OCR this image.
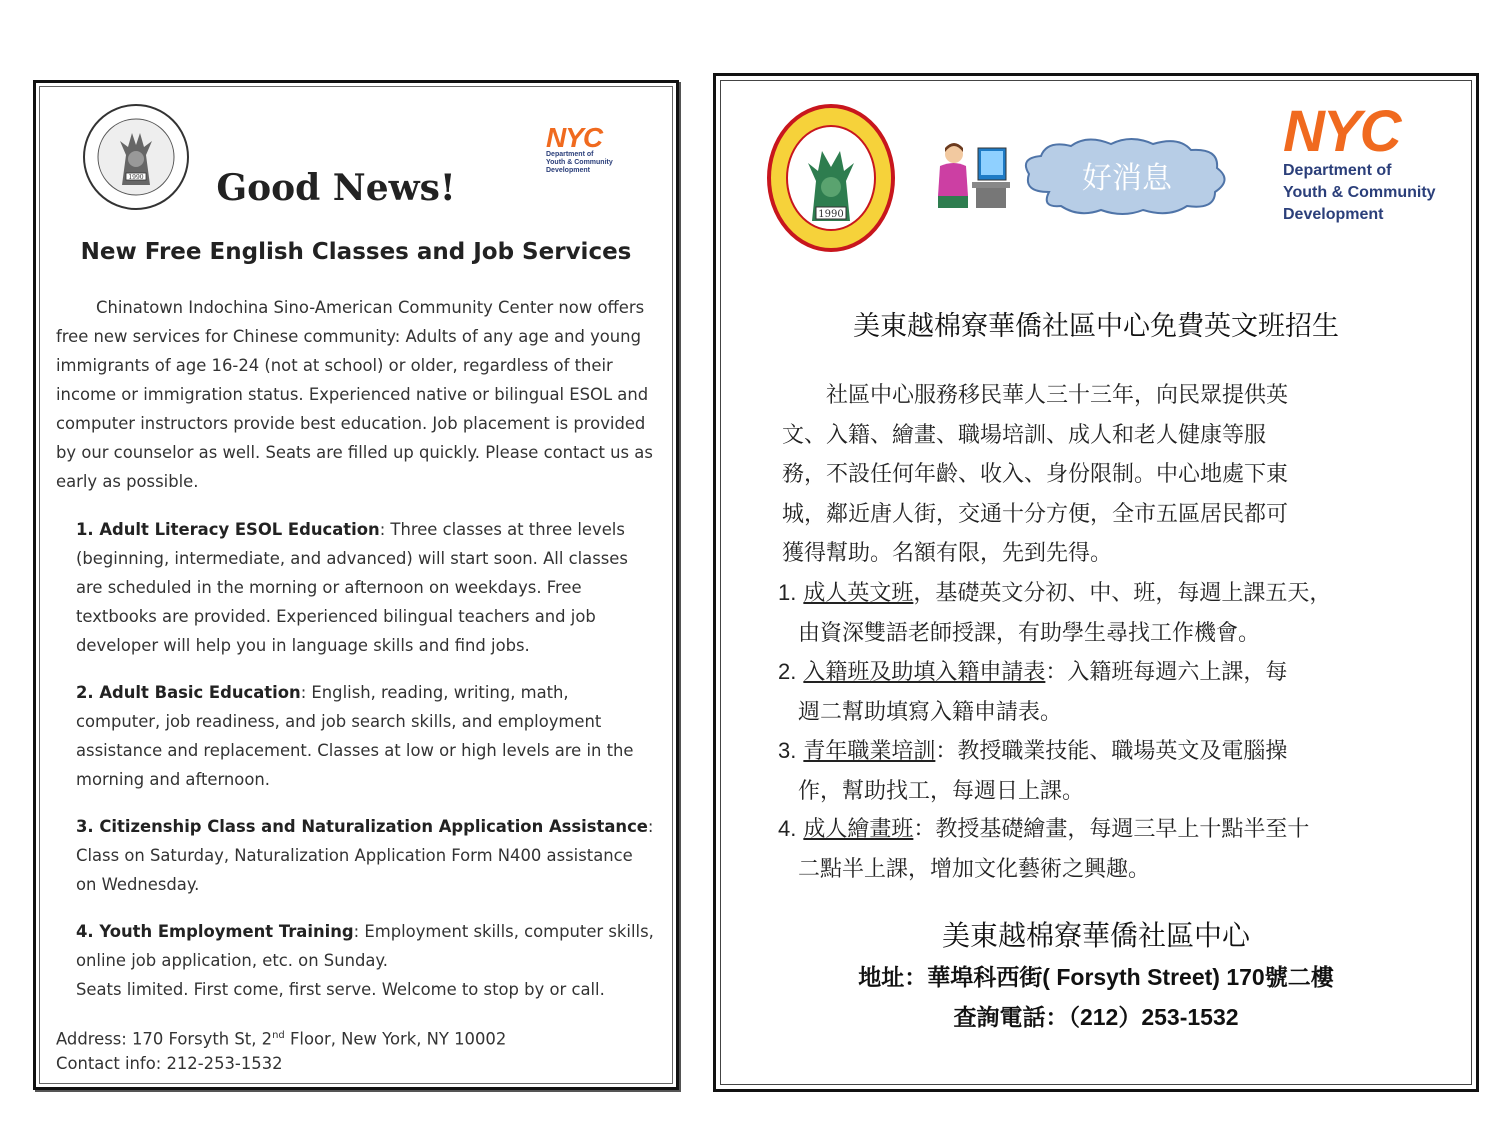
1990
NYC
Department of
Youth & Community
Development
Good News!
New Free English Classes and Job Services
Chinatown Indochina Sino-American Community Center now offers free new services for Chinese community: Adults of any age and young immigrants of age 16-24 (not at school) or older, regardless of their income or immigration status. Experienced native or bilingual ESOL and computer instructors provide best education. Job placement is provided by our counselor as well. Seats are filled up quickly. Please contact us as early as possible.
1. Adult Literacy ESOL Education: Three classes at three levels (beginning, intermediate, and advanced) will start soon. All classes are scheduled in the morning or afternoon on weekdays. Free textbooks are provided. Experienced bilingual teachers and job developer will help you in language skills and find jobs.
2. Adult Basic Education: English, reading, writing, math, computer, job readiness, and job search skills, and employment assistance and replacement. Classes at low or high levels are in the morning and afternoon.
3. Citizenship Class and Naturalization Application Assistance: Class on Saturday, Naturalization Application Form N400 assistance on Wednesday.
4. Youth Employment Training: Employment skills, computer skills, online job application, etc. on Sunday.
Seats limited. First come, first serve. Welcome to stop by or call.
Address: 170 Forsyth St, 2nd Floor, New York, NY 10002
Contact info: 212-253-1532
1990
好消息
NYC
Department of
Youth & Community
Development
美東越棉寮華僑社區中心免費英文班招生
社區中心服務移民華人三十三年，向民眾提供英
文、入籍、繪畫、職場培訓、成人和老人健康等服
務，不設任何年齡、收入、身份限制。中心地處下東
城，鄰近唐人街，交通十分方便，全市五區居民都可
獲得幫助。名額有限，先到先得。
1. 成人英文班，基礎英文分初、中、班，每週上課五天，
由資深雙語老師授課，有助學生尋找工作機會。
2. 入籍班及助填入籍申請表：入籍班每週六上課，每
週二幫助填寫入籍申請表。
3. 青年職業培訓：教授職業技能、職場英文及電腦操
作，幫助找工，每週日上課。
4. 成人繪畫班：教授基礎繪畫，每週三早上十點半至十
二點半上課，增加文化藝術之興趣。
美東越棉寮華僑社區中心
地址：華埠科西街( Forsyth Street) 170號二樓
查詢電話：（212）253-1532
